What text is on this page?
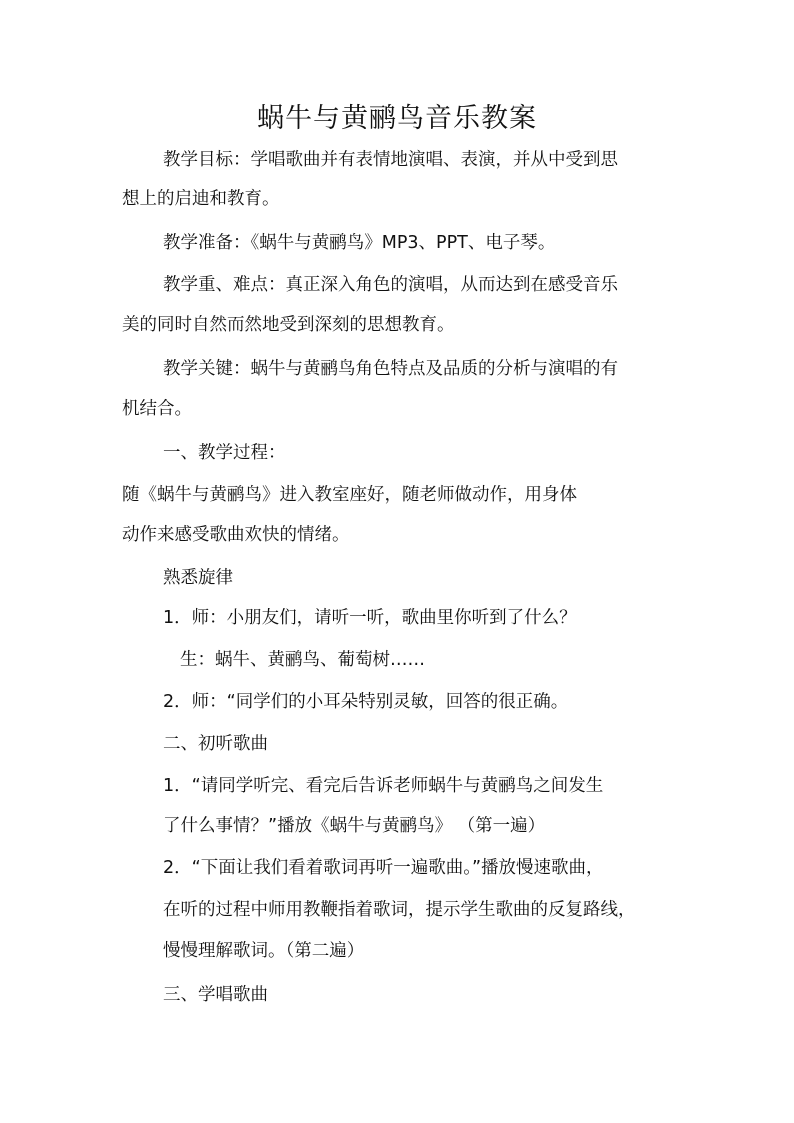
蜗牛与黄鹂鸟音乐教案
教学目标：学唱歌曲并有表情地演唱、表演，并从中受到思
想上的启迪和教育。
教学准备：《蜗牛与黄鹂鸟》MP3、PPT、电子琴。
教学重、难点：真正深入角色的演唱，从而达到在感受音乐
美的同时自然而然地受到深刻的思想教育。
教学关键：蜗牛与黄鹂鸟角色特点及品质的分析与演唱的有
机结合。
一、教学过程：
随《蜗牛与黄鹂鸟》进入教室座好，随老师做动作，用身体
动作来感受歌曲欢快的情绪。
熟悉旋律
1．师：小朋友们，请听一听，歌曲里你听到了什么？
生：蜗牛、黄鹂鸟、葡萄树……
2．师：“同学们的小耳朵特别灵敏，回答的很正确。
二、初听歌曲
1．“请同学听完、看完后告诉老师蜗牛与黄鹂鸟之间发生
了什么事情？”播放《蜗牛与黄鹂鸟》 （第一遍）
2．“下面让我们看着歌词再听一遍歌曲。”播放慢速歌曲，
在听的过程中师用教鞭指着歌词，提示学生歌曲的反复路线，
慢慢理解歌词。（第二遍）
三、学唱歌曲
